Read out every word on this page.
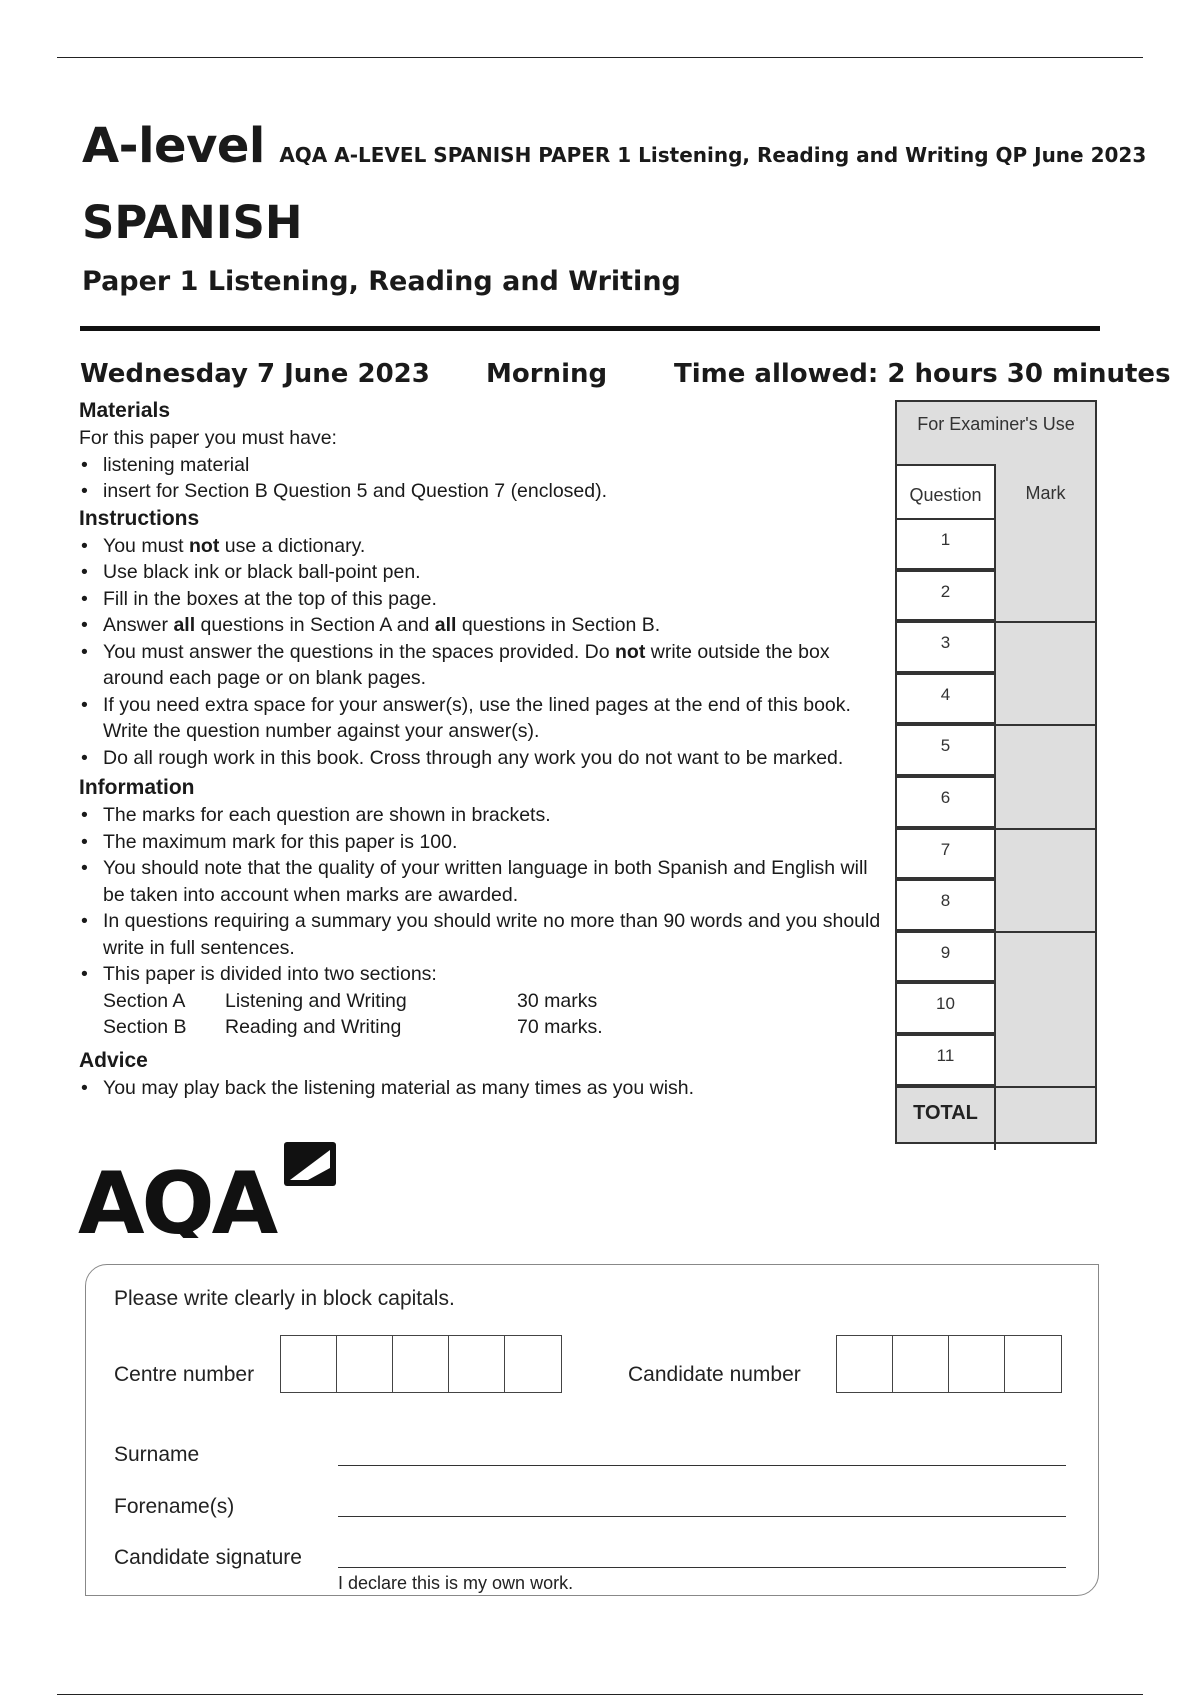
A-level AQA A-LEVEL SPANISH PAPER 1 Listening, Reading and Writing QP June 2023
SPANISH
Paper 1 Listening, Reading and Writing
Wednesday 7 June 2023 Morning	Time allowed: 2 hours 30 minutes
Materials
For this paper you must have:
• listening material
• insert for Section B Question 5 and Question 7 (enclosed).
Instructions
• You must not use a dictionary.
• Use black ink or black ball-point pen.
• Fill in the boxes at the top of this page.
• Answer all questions in Section A and all questions in Section B.
• You must answer the questions in the spaces provided. Do not write outside the box around each page or on blank pages.
• If you need extra space for your answer(s), use the lined pages at the end of this book. Write the question number against your answer(s).
• Do all rough work in this book. Cross through any work you do not want to be marked.
Information
• The marks for each question are shown in brackets.
• The maximum mark for this paper is 100.
• You should note that the quality of your written language in both Spanish and English will be taken into account when marks are awarded.
• In questions requiring a summary you should write no more than 90 words and you should write in full sentences.
• This paper is divided into two sections:
Section A	Listening and Writing	30 marks
Section B	Reading and Writing	70 marks.
Advice
• You may play back the listening material as many times as you wish.
For Examiner's Use
Question	Mark
1
2
3
4
5
6
7
8
9
10
11
TOTAL
AQA
Please write clearly in block capitals.
Centre number	Candidate number
Surname
Forename(s)
Candidate signature
I declare this is my own work.
